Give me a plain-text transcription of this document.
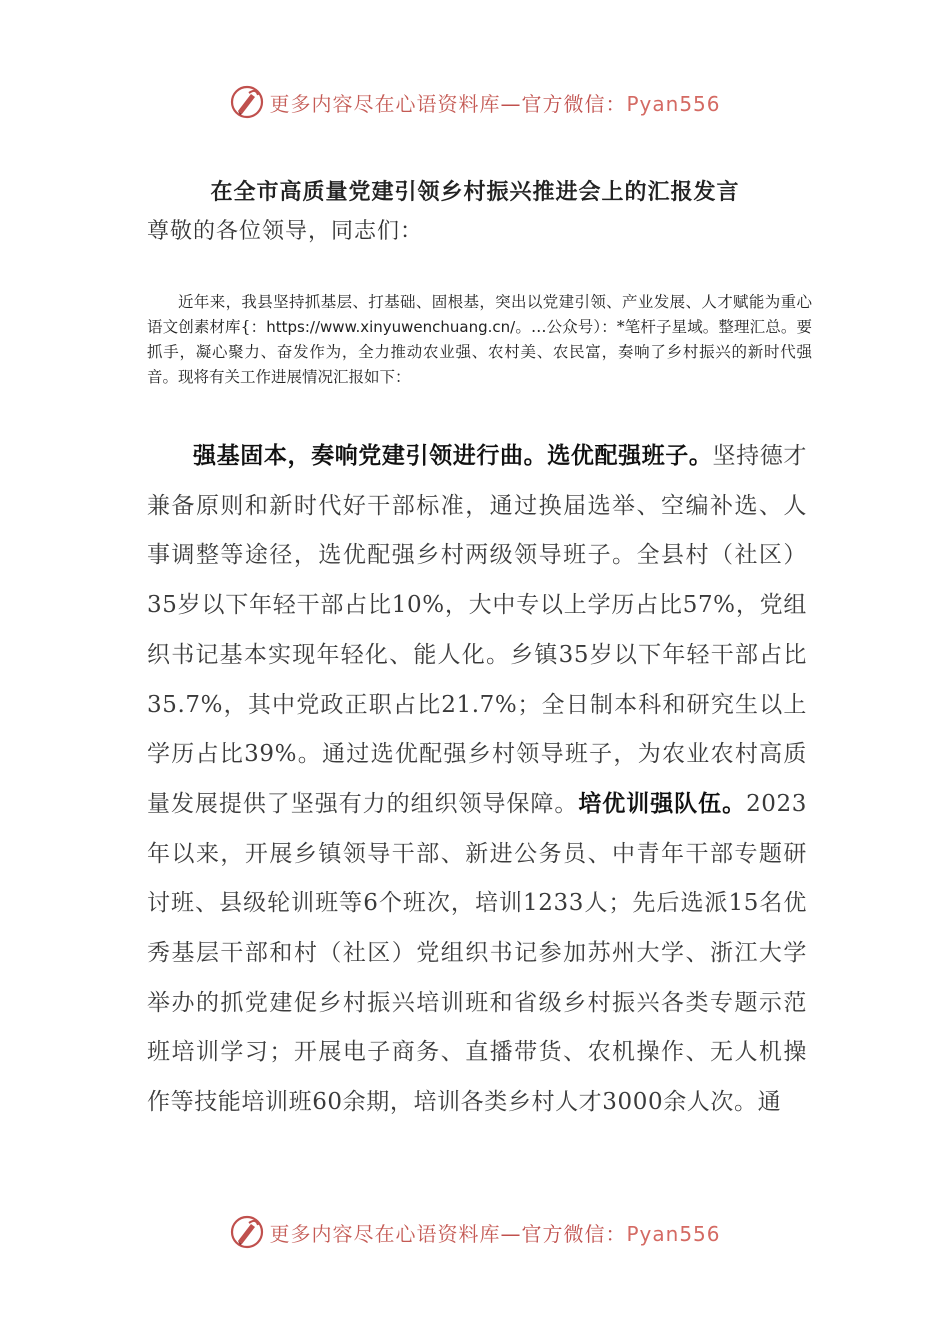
更多内容尽在心语资料库—官方微信：Pyan556
在全市高质量党建引领乡村振兴推进会上的汇报发言
尊敬的各位领导，同志们：
近年来，我县坚持抓基层、打基础、固根基，突出以党建引领、产业发展、人才赋能为重心语文创素材库{：https://www.xinyuwenchuang.cn/。…公众号）：*笔杆子星域。整理汇总。要抓手，凝心聚力、奋发作为，全力推动农业强、农村美、农民富，奏响了乡村振兴的新时代强音。现将有关工作进展情况汇报如下：
强基固本，奏响党建引领进行曲。选优配强班子。坚持德才兼备原则和新时代好干部标准，通过换届选举、空编补选、人事调整等途径，选优配强乡村两级领导班子。全县村（社区）35岁以下年轻干部占比10%，大中专以上学历占比57%，党组织书记基本实现年轻化、能人化。乡镇35岁以下年轻干部占比35.7%，其中党政正职占比21.7%；全日制本科和研究生以上学历占比39%。通过选优配强乡村领导班子，为农业农村高质量发展提供了坚强有力的组织领导保障。培优训强队伍。2023年以来，开展乡镇领导干部、新进公务员、中青年干部专题研讨班、县级轮训班等6个班次，培训1233人；先后选派15名优秀基层干部和村（社区）党组织书记参加苏州大学、浙江大学举办的抓党建促乡村振兴培训班和省级乡村振兴各类专题示范班培训学习；开展电子商务、直播带货、农机操作、无人机操作等技能培训班60余期，培训各类乡村人才3000余人次。通
更多内容尽在心语资料库—官方微信：Pyan556
